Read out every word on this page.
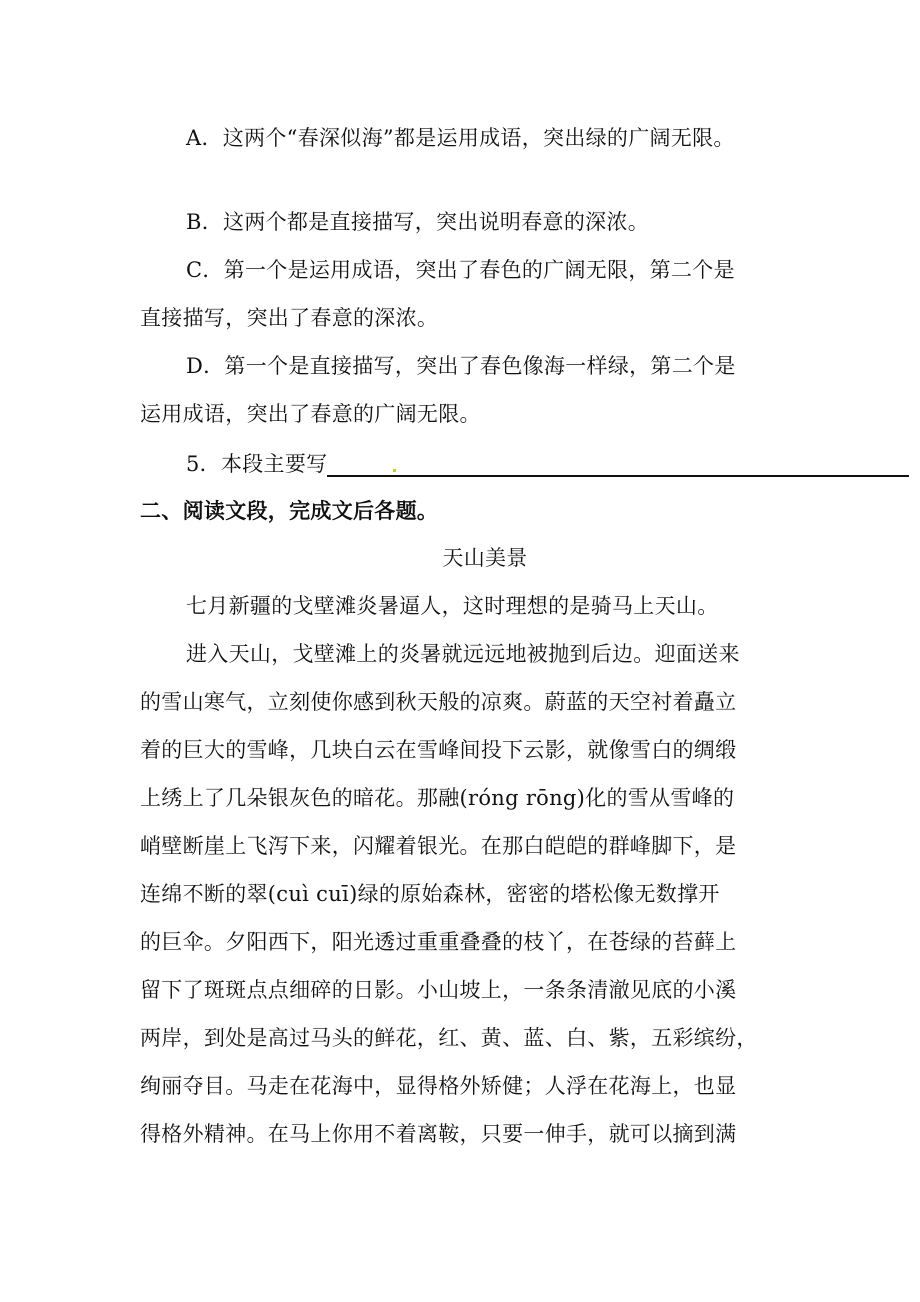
A．这两个“春深似海”都是运用成语，突出绿的广阔无限。
B．这两个都是直接描写，突出说明春意的深浓。
C．第一个是运用成语，突出了春色的广阔无限，第二个是
直接描写，突出了春意的深浓。
D．第一个是直接描写，突出了春色像海一样绿，第二个是
运用成语，突出了春意的广阔无限。
5．本段主要写
二、阅读文段，完成文后各题。
天山美景
七月新疆的戈壁滩炎暑逼人，这时理想的是骑马上天山。
进入天山，戈壁滩上的炎暑就远远地被抛到后边。迎面送来
的雪山寒气，立刻使你感到秋天般的凉爽。蔚蓝的天空衬着矗立
着的巨大的雪峰，几块白云在雪峰间投下云影，就像雪白的绸缎
上绣上了几朵银灰色的暗花。那融(róng rōng)化的雪从雪峰的
峭壁断崖上飞泻下来，闪耀着银光。在那白皑皑的群峰脚下，是
连绵不断的翠(cuì cuī)绿的原始森林，密密的塔松像无数撑开
的巨伞。夕阳西下，阳光透过重重叠叠的枝丫，在苍绿的苔藓上
留下了斑斑点点细碎的日影。小山坡上，一条条清澈见底的小溪
两岸，到处是高过马头的鲜花，红、黄、蓝、白、紫，五彩缤纷，
绚丽夺目。马走在花海中，显得格外矫健；人浮在花海上，也显
得格外精神。在马上你用不着离鞍，只要一伸手，就可以摘到满
